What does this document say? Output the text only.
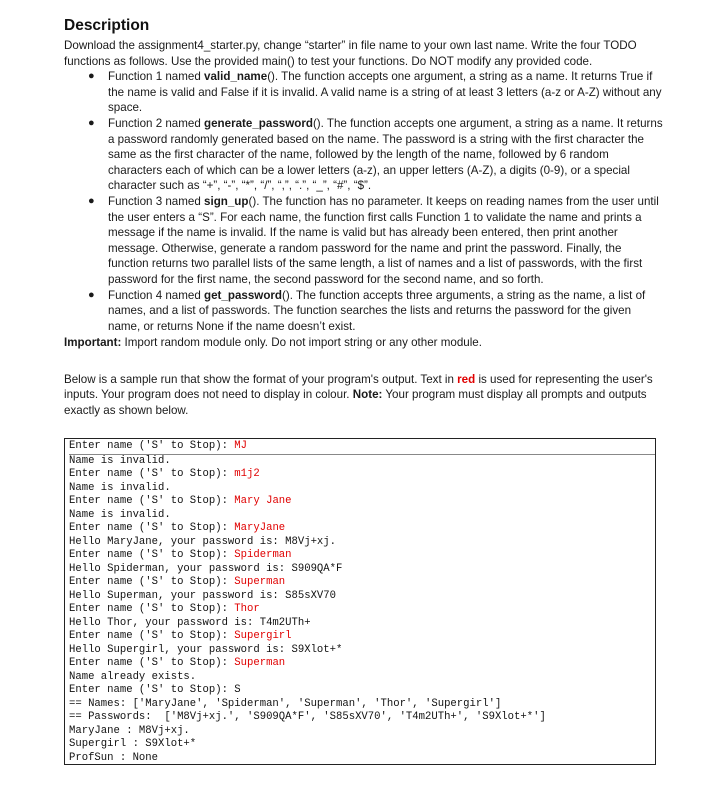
Description

Download the assignment4_starter.py, change “starter” in file name to your own last name. Write the four TODO functions as follows. Use the provided main() to test your functions. Do NOT modify any provided code.

● Function 1 named valid_name(). The function accepts one argument, a string as a name. It returns True if the name is valid and False if it is invalid. A valid name is a string of at least 3 letters (a-z or A-Z) without any space.
● Function 2 named generate_password(). The function accepts one argument, a string as a name. It returns a password randomly generated based on the name. The password is a string with the first character the same as the first character of the name, followed by the length of the name, followed by 6 random characters each of which can be a lower letters (a-z), an upper letters (A-Z), a digits (0-9), or a special character such as “+”, “-”, “*”, “/”, “,”, “.”, “_”, “#”, “$”.
● Function 3 named sign_up(). The function has no parameter. It keeps on reading names from the user until the user enters a “S”. For each name, the function first calls Function 1 to validate the name and prints a message if the name is invalid. If the name is valid but has already been entered, then print another message. Otherwise, generate a random password for the name and print the password. Finally, the function returns two parallel lists of the same length, a list of names and a list of passwords, with the first password for the first name, the second password for the second name, and so forth.
● Function 4 named get_password(). The function accepts three arguments, a string as the name, a list of names, and a list of passwords. The function searches the lists and returns the password for the given name, or returns None if the name doesn’t exist.

Important: Import random module only. Do not import string or any other module.

Below is a sample run that show the format of your program's output. Text in red is used for representing the user's inputs. Your program does not need to display in colour. Note: Your program must display all prompts and outputs exactly as shown below.

Enter name ('S' to Stop): MJ
Name is invalid.
Enter name ('S' to Stop): m1j2
Name is invalid.
Enter name ('S' to Stop): Mary Jane
Name is invalid.
Enter name ('S' to Stop): MaryJane
Hello MaryJane, your password is: M8Vj+xj.
Enter name ('S' to Stop): Spiderman
Hello Spiderman, your password is: S909QA*F
Enter name ('S' to Stop): Superman
Hello Superman, your password is: S85sXV70
Enter name ('S' to Stop): Thor
Hello Thor, your password is: T4m2UTh+
Enter name ('S' to Stop): Supergirl
Hello Supergirl, your password is: S9Xlot+*
Enter name ('S' to Stop): Superman
Name already exists.
Enter name ('S' to Stop): S
== Names: ['MaryJane', 'Spiderman', 'Superman', 'Thor', 'Supergirl']
== Passwords:  ['M8Vj+xj.', 'S909QA*F', 'S85sXV70', 'T4m2UTh+', 'S9Xlot+*']
MaryJane : M8Vj+xj.
Supergirl : S9Xlot+*
ProfSun : None
